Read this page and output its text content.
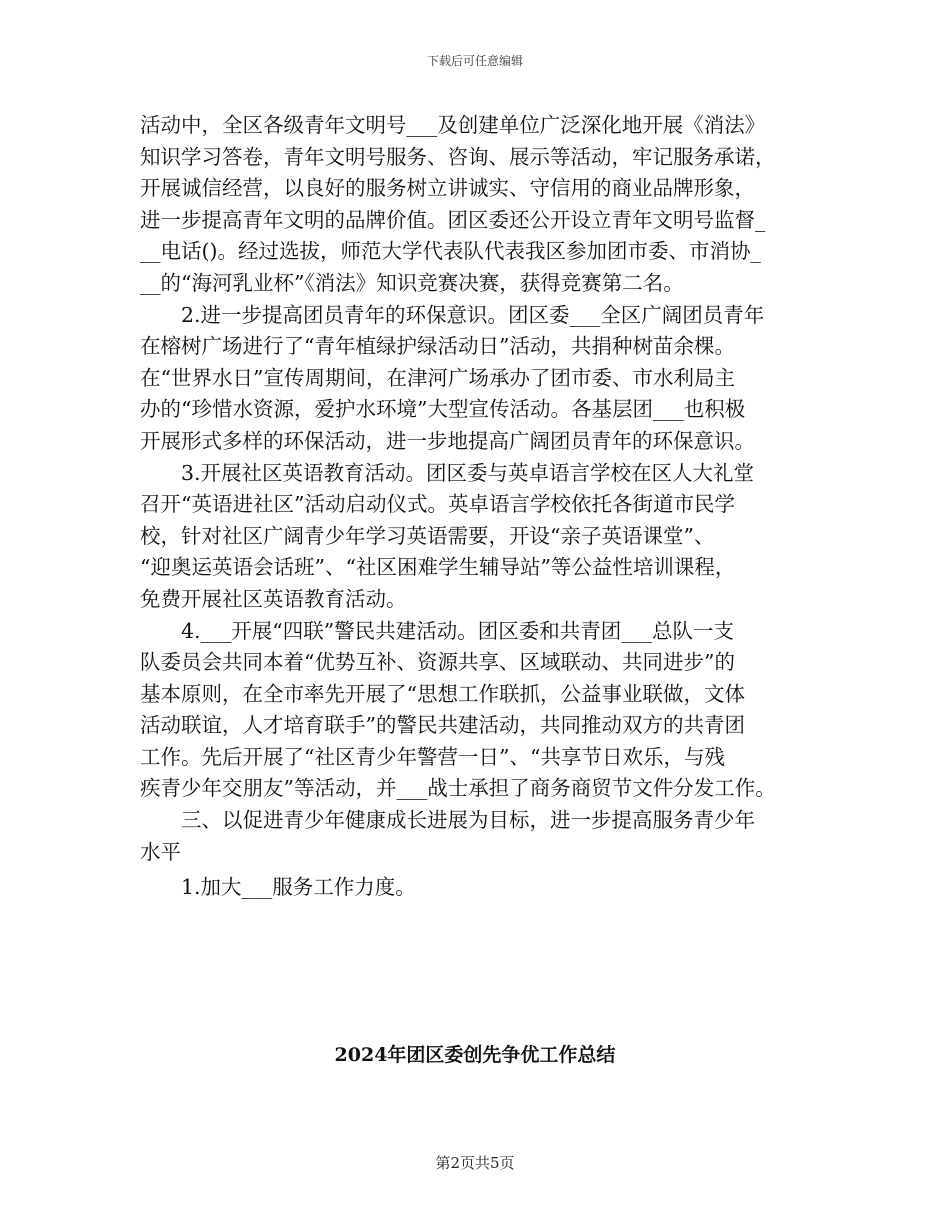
下载后可任意编辑

活动中，全区各级青年文明号___及创建单位广泛深化地开展《消法》
知识学习答卷，青年文明号服务、咨询、展示等活动，牢记服务承诺，
开展诚信经营，以良好的服务树立讲诚实、守信用的商业品牌形象，
进一步提高青年文明的品牌价值。团区委还公开设立青年文明号监督_
__电话()。经过选拔，师范大学代表队代表我区参加团市委、市消协_
__的“海河乳业杯”《消法》知识竞赛决赛，获得竞赛第二名。

2.进一步提高团员青年的环保意识。团区委___全区广阔团员青年
在榕树广场进行了“青年植绿护绿活动日”活动，共捐种树苗余棵。
在“世界水日”宣传周期间，在津河广场承办了团市委、市水利局主
办的“珍惜水资源，爱护水环境”大型宣传活动。各基层团___也积极
开展形式多样的环保活动，进一步地提高广阔团员青年的环保意识。

3.开展社区英语教育活动。团区委与英卓语言学校在区人大礼堂
召开“英语进社区”活动启动仪式。英卓语言学校依托各街道市民学
校，针对社区广阔青少年学习英语需要，开设“亲子英语课堂”、
“迎奥运英语会话班”、“社区困难学生辅导站”等公益性培训课程，
免费开展社区英语教育活动。

4.___开展“四联”警民共建活动。团区委和共青团___总队一支
队委员会共同本着“优势互补、资源共享、区域联动、共同进步”的
基本原则，在全市率先开展了“思想工作联抓，公益事业联做，文体
活动联谊，人才培育联手”的警民共建活动，共同推动双方的共青团
工作。先后开展了“社区青少年警营一日”、“共享节日欢乐，与残
疾青少年交朋友”等活动，并___战士承担了商务商贸节文件分发工作。

三、以促进青少年健康成长进展为目标，进一步提高服务青少年
水平

1.加大___服务工作力度。

2024年团区委创先争优工作总结
第2页共5页
